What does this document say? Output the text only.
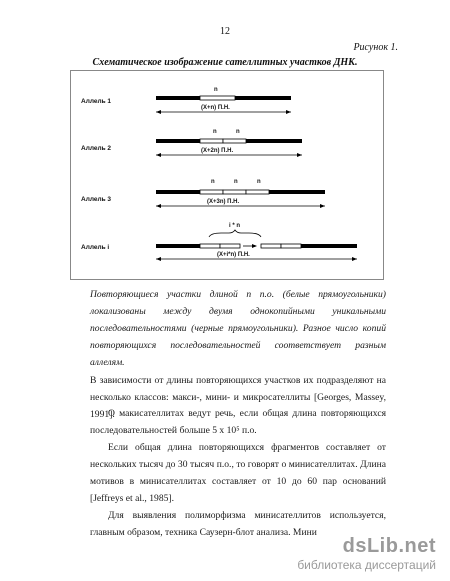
12
Рисунок 1.
Схематическое изображение сателлитных участков ДНК.
Аллель 1
n
(X+n) П.Н.
Аллель 2
n	n
(X+2n) П.Н.
Аллель 3
n	n	n
(X+3n) П.Н.
Аллель i
i * n
(X+i*n) П.Н.
Повторяющиеся участки длиной n п.о. (белые прямоугольники) локализованы между двумя однокопийными уникальными последовательностями (черные прямоугольники). Разное число копий повторяющихся последовательностей соответствует разным аллелям.
В зависимости от длины повторяющихся участков их подразделяют на несколько классов: макси-, мини- и микросателлиты [Georges, Massey, 1991].
О макисателлитах ведут речь, если общая длина повторяющихся последовательностей больше 5 x 10⁵ п.о.
Если общая длина повторяющихся фрагментов составляет от нескольких тысяч до 30 тысяч п.о., то говорят о минисателлитах. Длина мотивов в минисателлитах составляет от 10 до 60 пар оснований [Jeffreys et al., 1985].
Для выявления полиморфизма минисателлитов используется, главным образом, техника Саузерн-блот анализа. Мини
dsLib.net
библиотека диссертаций
